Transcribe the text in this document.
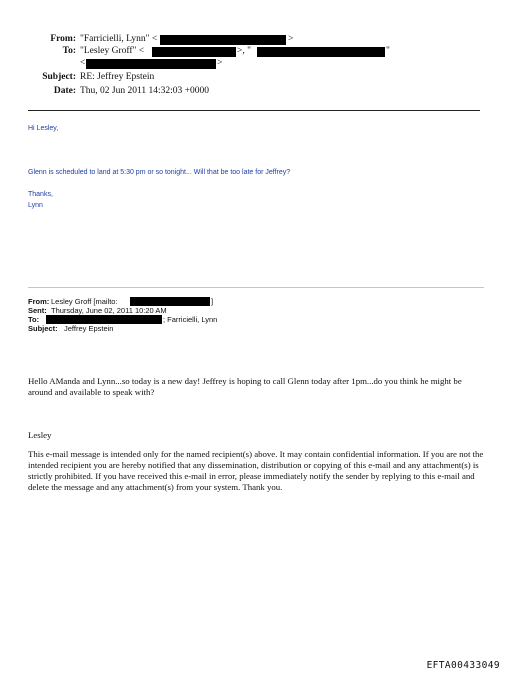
From: "Farricielli, Lynn" <	>
To: "Lesley Groff" <	>, "	"
<	>
Subject: RE: Jeffrey Epstein
Date: Thu, 02 Jun 2011 14:32:03 +0000
Hi Lesley,
Glenn is scheduled to land at 5:30 pm or so tonight... Will that be too late for Jeffrey?
Thanks,
Lynn
From: Lesley Groff [mailto:	]
Sent: Thursday, June 02, 2011 10:20 AM
To:	; Farricielli, Lynn
Subject: Jeffrey Epstein
Hello AManda and Lynn...so today is a new day! Jeffrey is hoping to call Glenn today after 1pm...do you think he might be around and available to speak with?
Lesley
This e-mail message is intended only for the named recipient(s) above. It may contain confidential information. If you are not the intended recipient you are hereby notified that any dissemination, distribution or copying of this e-mail and any attachment(s) is strictly prohibited. If you have received this e-mail in error, please immediately notify the sender by replying to this e-mail and delete the message and any attachment(s) from your system. Thank you.
EFTA00433049
